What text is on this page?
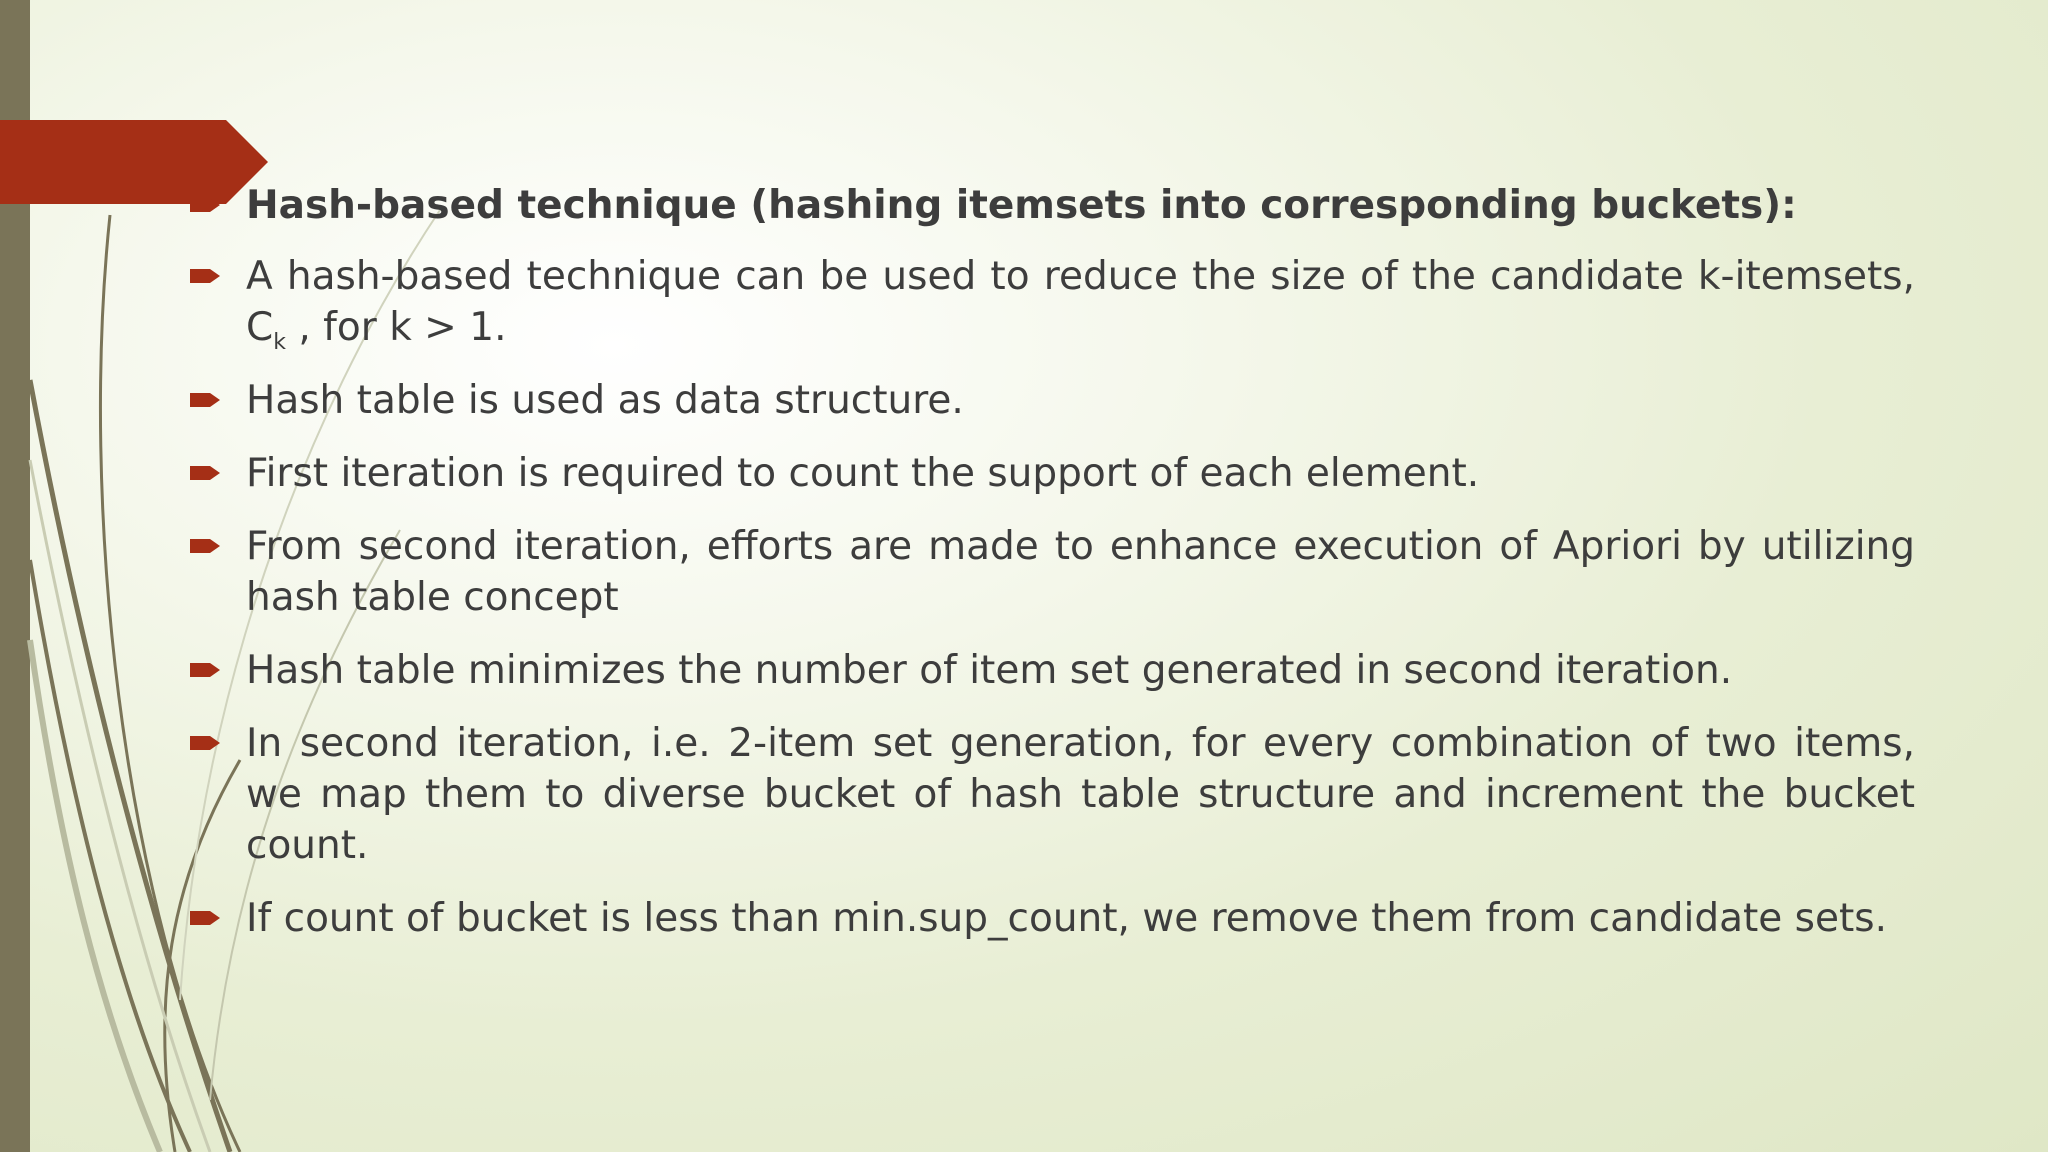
Hash-based technique (hashing itemsets into corresponding buckets):
A hash-based technique can be used to reduce the size of the candidate k-itemsets, $C_k$ , for k > 1.
Hash table is used as data structure.
First iteration is required to count the support of each element.
From second iteration, efforts are made to enhance execution of Apriori by utilizing hash table concept
Hash table minimizes the number of item set generated in second iteration.
In second iteration, i.e. 2-item set generation, for every combination of two items, we map them to diverse bucket of hash table structure and increment the bucket count.
If count of bucket is less than min.sup_count, we remove them from candidate sets.
